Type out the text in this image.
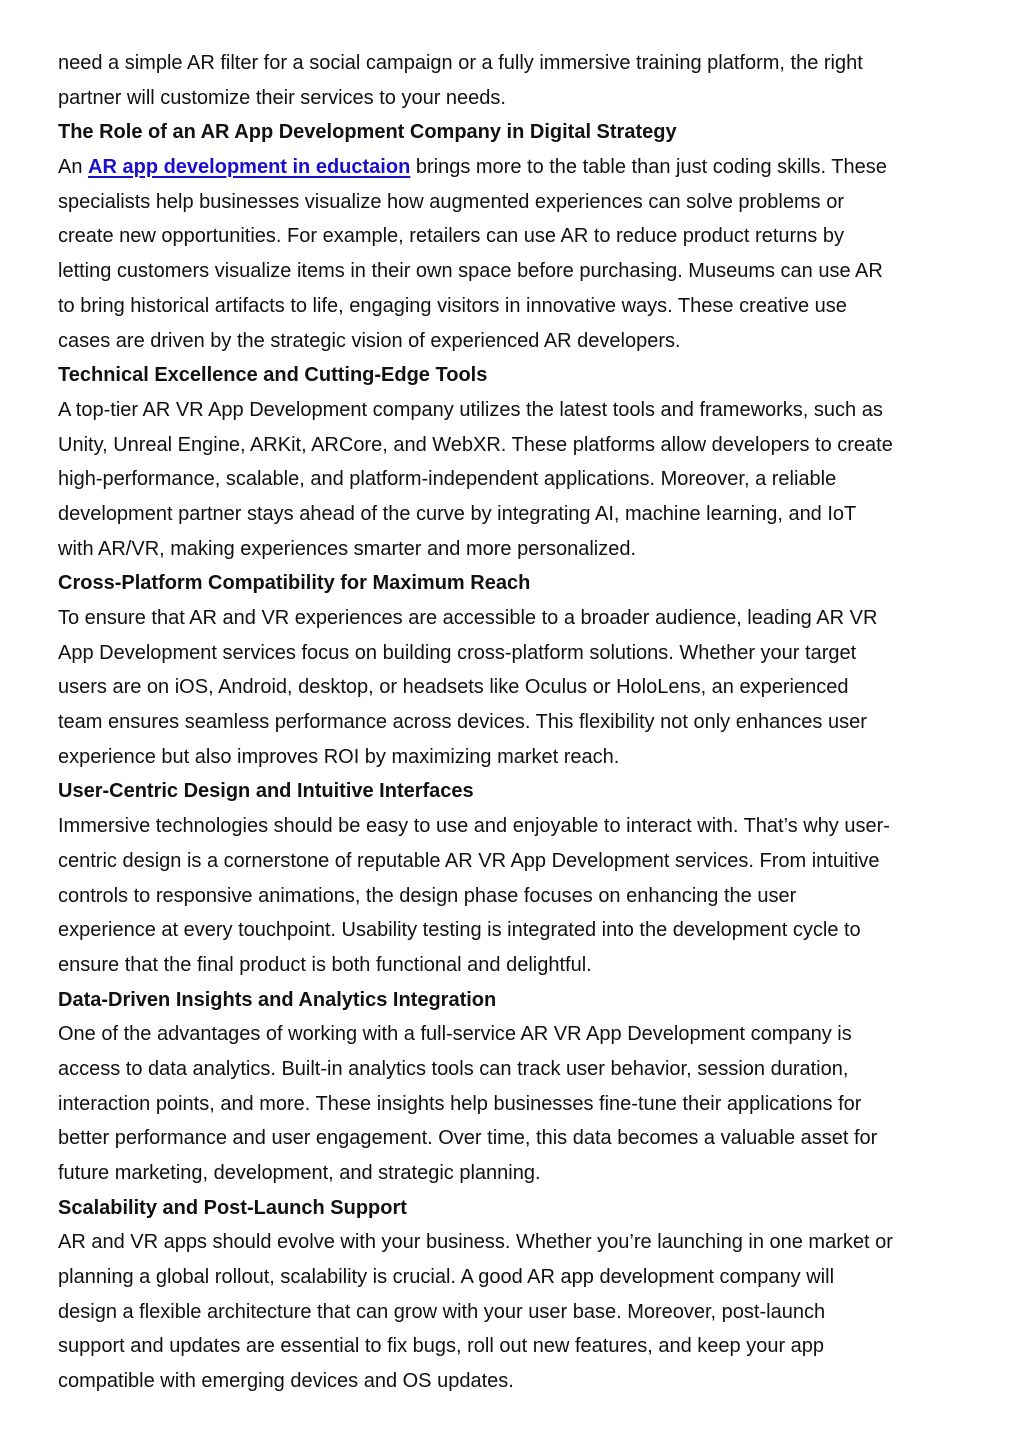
need a simple AR filter for a social campaign or a fully immersive training platform, the right
partner will customize their services to your needs.
The Role of an AR App Development Company in Digital Strategy
An AR app development in eductaion brings more to the table than just coding skills. These
specialists help businesses visualize how augmented experiences can solve problems or
create new opportunities. For example, retailers can use AR to reduce product returns by
letting customers visualize items in their own space before purchasing. Museums can use AR
to bring historical artifacts to life, engaging visitors in innovative ways. These creative use
cases are driven by the strategic vision of experienced AR developers.
Technical Excellence and Cutting-Edge Tools
A top-tier AR VR App Development company utilizes the latest tools and frameworks, such as
Unity, Unreal Engine, ARKit, ARCore, and WebXR. These platforms allow developers to create
high-performance, scalable, and platform-independent applications. Moreover, a reliable
development partner stays ahead of the curve by integrating AI, machine learning, and IoT
with AR/VR, making experiences smarter and more personalized.
Cross-Platform Compatibility for Maximum Reach
To ensure that AR and VR experiences are accessible to a broader audience, leading AR VR
App Development services focus on building cross-platform solutions. Whether your target
users are on iOS, Android, desktop, or headsets like Oculus or HoloLens, an experienced
team ensures seamless performance across devices. This flexibility not only enhances user
experience but also improves ROI by maximizing market reach.
User-Centric Design and Intuitive Interfaces
Immersive technologies should be easy to use and enjoyable to interact with. That’s why user-
centric design is a cornerstone of reputable AR VR App Development services. From intuitive
controls to responsive animations, the design phase focuses on enhancing the user
experience at every touchpoint. Usability testing is integrated into the development cycle to
ensure that the final product is both functional and delightful.
Data-Driven Insights and Analytics Integration
One of the advantages of working with a full-service AR VR App Development company is
access to data analytics. Built-in analytics tools can track user behavior, session duration,
interaction points, and more. These insights help businesses fine-tune their applications for
better performance and user engagement. Over time, this data becomes a valuable asset for
future marketing, development, and strategic planning.
Scalability and Post-Launch Support
AR and VR apps should evolve with your business. Whether you’re launching in one market or
planning a global rollout, scalability is crucial. A good AR app development company will
design a flexible architecture that can grow with your user base. Moreover, post-launch
support and updates are essential to fix bugs, roll out new features, and keep your app
compatible with emerging devices and OS updates.
